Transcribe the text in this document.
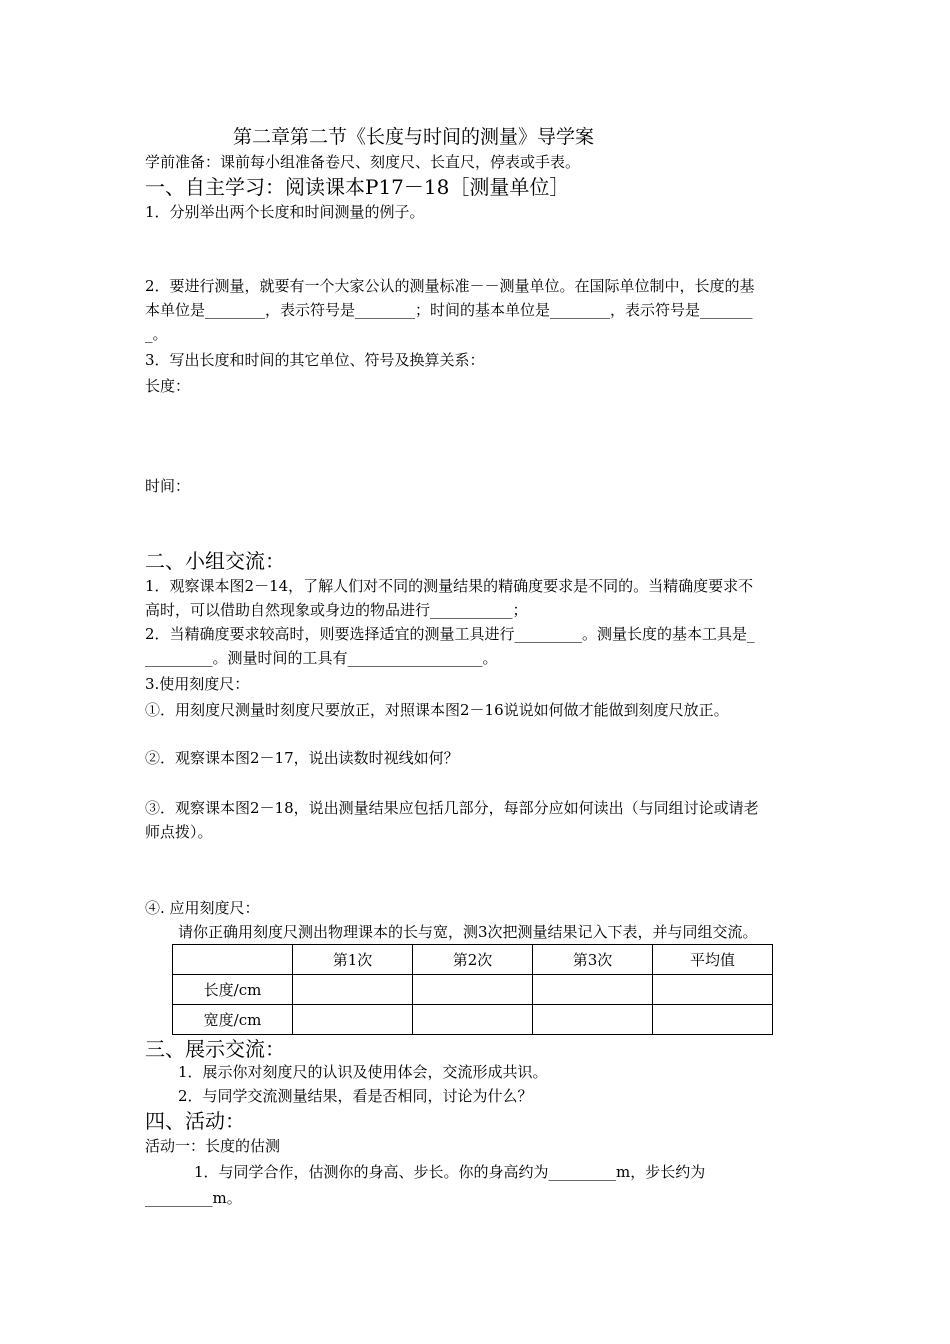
第二章第二节《长度与时间的测量》导学案
学前准备：课前每小组准备卷尺、刻度尺、长直尺，停表或手表。
一、自主学习：阅读课本P17－18［测量单位］
1．分别举出两个长度和时间测量的例子。
2．要进行测量，就要有一个大家公认的测量标准－－测量单位。在国际单位制中，长度的基
本单位是________，表示符号是________；时间的基本单位是________，表示符号是_______
_。
3．写出长度和时间的其它单位、符号及换算关系：
长度：
时间：
二、小组交流：
1．观察课本图2－14，了解人们对不同的测量结果的精确度要求是不同的。当精确度要求不
高时，可以借助自然现象或身边的物品进行___________；
2．当精确度要求较高时，则要选择适宜的测量工具进行_________。测量长度的基本工具是_
_________。测量时间的工具有__________________。
3.使用刻度尺：
①．用刻度尺测量时刻度尺要放正，对照课本图2－16说说如何做才能做到刻度尺放正。
②．观察课本图2－17，说出读数时视线如何？
③．观察课本图2－18，说出测量结果应包括几部分，每部分应如何读出（与同组讨论或请老
师点拨）。
④. 应用刻度尺：
请你正确用刻度尺测出物理课本的长与宽，测3次把测量结果记入下表，并与同组交流。
	第1次	第2次	第3次	平均值
长度/cm				
宽度/cm				
三、展示交流：
1．展示你对刻度尺的认识及使用体会，交流形成共识。
2．与同学交流测量结果，看是否相同，讨论为什么？
四、活动：
活动一：长度的估测
1．与同学合作，估测你的身高、步长。你的身高约为_________m，步长约为
_________m。
